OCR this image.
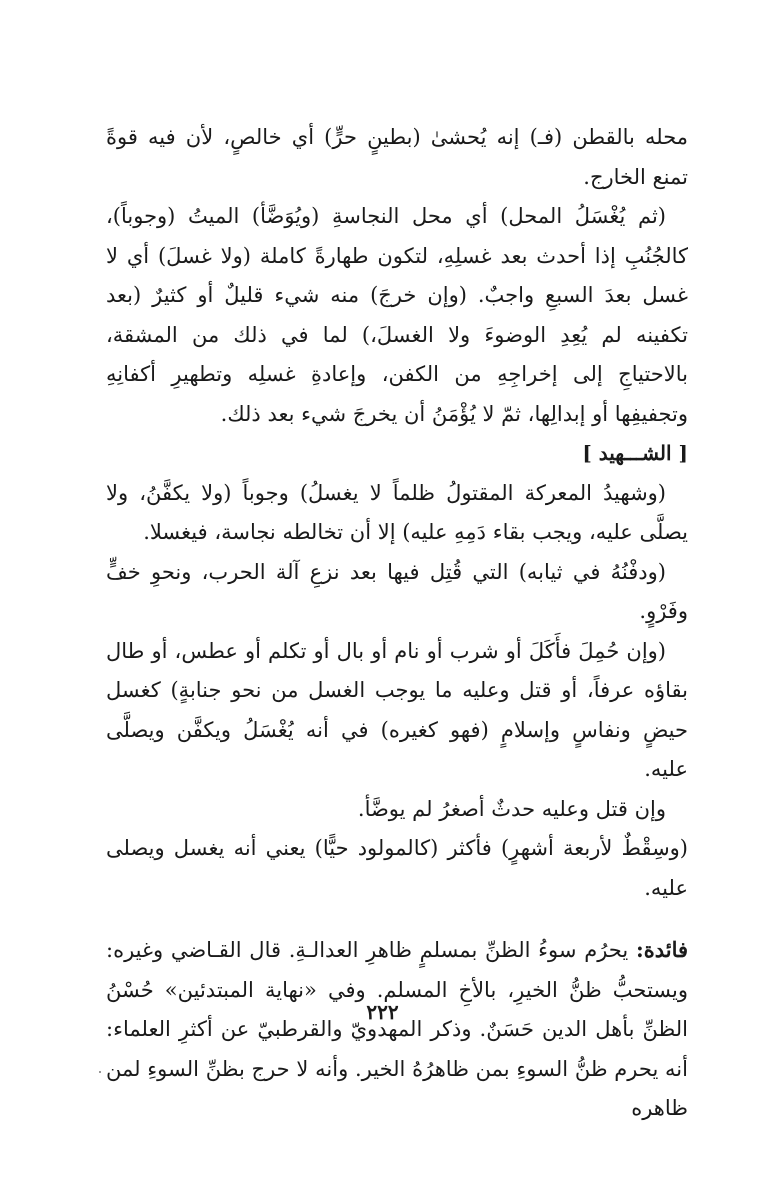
محله بالقطن (فـ) إنه يُحشىٰ (بطينٍ حرٍّ) أي خالصٍ، لأن فيه قوةً تمنع الخارج.

(ثم يُغْسَلُ المحل) أي محل النجاسةِ (ويُوَضَّأ) الميتُ (وجوباً)، كالجُنُبِ إذا أحدث بعد غسلِهِ، لتكون طهارةً كاملة (ولا غسلَ) أي لا غسل بعدَ السبعِ واجبٌ. (وإن خرجَ) منه شيء قليلٌ أو كثيرٌ (بعد تكفينه لم يُعِدِ الوضوءَ ولا الغسلَ،) لما في ذلك من المشقة، بالاحتياجِ إلى إخراجِهِ من الكفن، وإعادةِ غسلِه وتطهيرِ أكفانِهِ وتجفيفِها أو إبدالِها، ثمّ لا يُؤْمَنُ أن يخرجَ شيء بعد ذلك.

[ الشـــهيد ]

(وشهيدُ المعركة المقتولُ ظلماً لا يغسلُ) وجوباً (ولا يكفَّنُ، ولا يصلَّى عليه، ويجب بقاء دَمِهِ عليه) إلا أن تخالطه نجاسة، فيغسلا.

(ودفْنُهُ في ثيابه) التي قُتِل فيها بعد نزعِ آلة الحرب، ونحوِ خفٍّ وفَرْوٍ.

(وإن حُمِلَ فأَكَلَ أو شرب أو نام أو بال أو تكلم أو عطس، أو طال بقاؤه عرفاً، أو قتل وعليه ما يوجب الغسل من نحو جنابةٍ) كغسل حيضٍ ونفاسٍ وإسلامٍ (فهو كغيره) في أنه يُغْسَلُ ويكفَّن ويصلَّى عليه.

وإن قتل وعليه حدثٌ أصغرُ لم يوضَّأ.

(وسِقْطٌ لأربعة أشهرٍ) فأكثر (كالمولود حيًّا) يعني أنه يغسل ويصلى عليه.

فائدة: يحرُم سوءُ الظنِّ بمسلمٍ ظاهرِ العدالـةِ. قال القـاضي وغيره: ويستحبُّ ظنُّ الخيرِ، بالأخِ المسلم. وفي «نهاية المبتدئين» حُسْنُ الظنِّ بأهل الدين حَسَنٌ. وذكر المهدويّ والقرطبيّ عن أكثرِ العلماء: أنه يحرم ظنُّ السوءِ بمن ظاهرُهُ الخير. وأنه لا حرج بظنِّ السوءِ لمن ظاهره

٢٢٢
